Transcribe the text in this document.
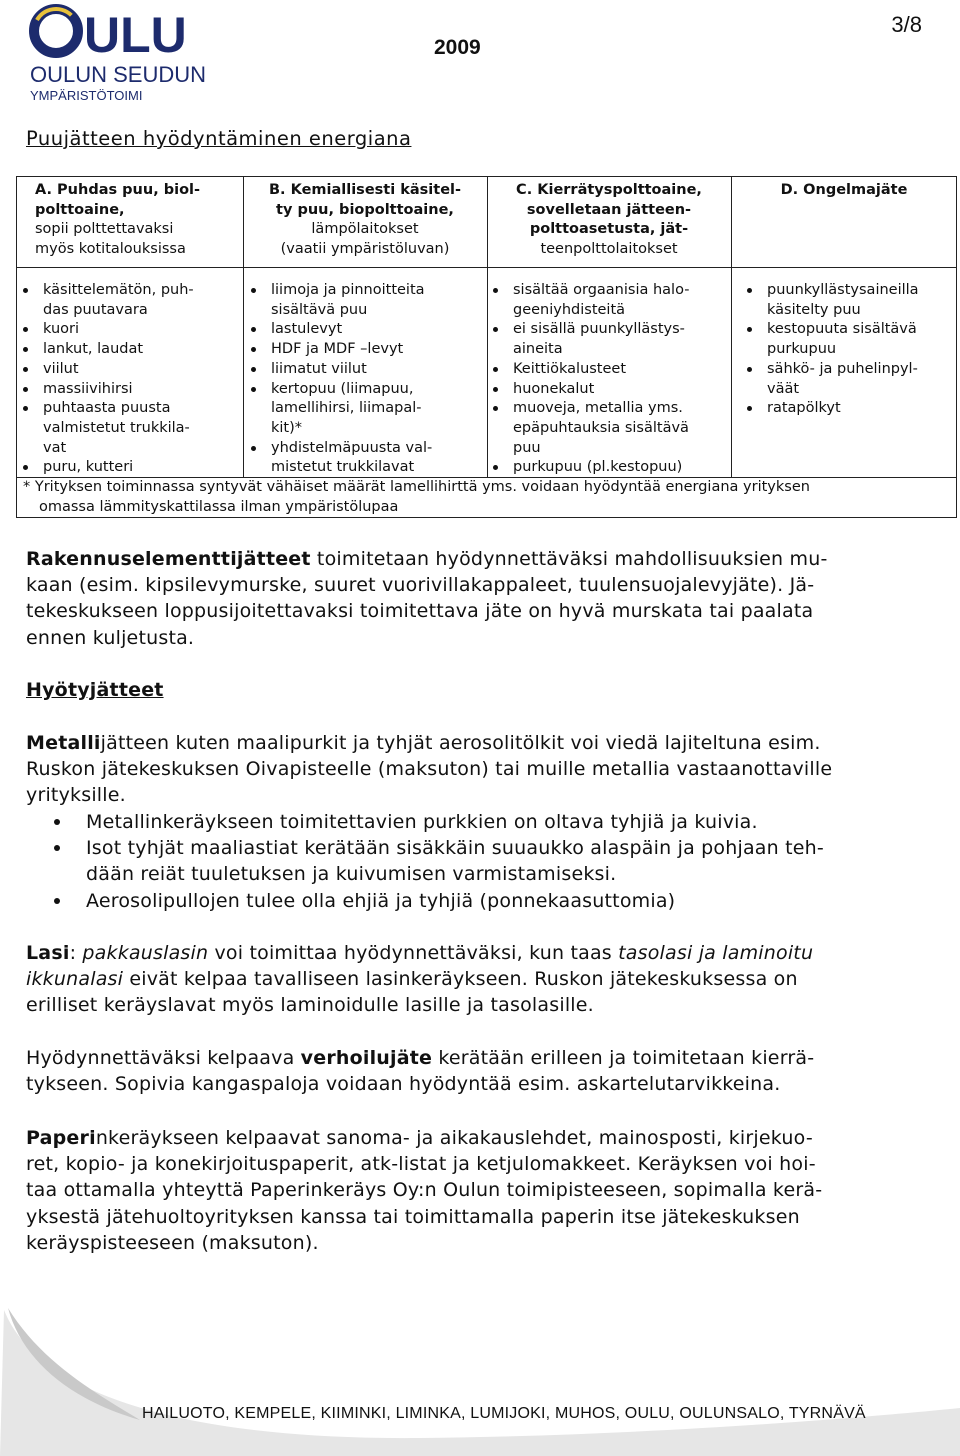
ULU
OULUN SEUDUN
YMPÄRISTÖTOIMI
2009
3/8
Puujätteen hyödyntäminen energiana
A. Puhdas puu, biol-
polttoaine,
sopii polttettavaksi
myös kotitalouksissa
B. Kemiallisesti käsitel-
ty puu, biopolttoaine,
lämpölaitokset
(vaatii ympäristöluvan)
C. Kierrätyspolttoaine,
sovelletaan jätteen-
polttoasetusta, jät-
teenpolttolaitokset
D. Ongelmajäte
käsittelemätön, puh-
das puutavara
kuori
lankut, laudat
viilut
massiivihirsi
puhtaasta puusta
valmistetut trukkila-
vat
puru, kutteri
liimoja ja pinnoitteita
sisältävä puu
lastulevyt
HDF ja MDF –levyt
liimatut viilut
kertopuu (liimapuu,
lamellihirsi, liimapal-
kit)*
yhdistelmäpuusta val-
mistetut trukkilavat
sisältää orgaanisia halo-
geeniyhdisteitä
ei sisällä puunkyllästys-
aineita
Keittiökalusteet
huonekalut
muoveja, metallia yms.
epäpuhtauksia sisältävä
puu
purkupuu (pl.kestopuu)
puunkyllästysaineilla
käsitelty puu
kestopuuta sisältävä
purkupuu
sähkö- ja puhelinpyl-
väät
ratapölkyt
* Yrityksen toiminnassa syntyvät vähäiset määrät lamellihirttä yms. voidaan hyödyntää energiana yrityksen
omassa lämmityskattilassa ilman ympäristölupaa
Rakennuselementtijätteet toimitetaan hyödynnettäväksi mahdollisuuksien mu-
kaan (esim. kipsilevymurske, suuret vuorivillakappaleet, tuulensuojalevyjäte). Jä-
tekeskukseen loppusijoitettavaksi toimitettava jäte on hyvä murskata tai paalata
ennen kuljetusta.
Hyötyjätteet
Metallijätteen kuten maalipurkit ja tyhjät aerosolitölkit voi viedä lajiteltuna esim.
Ruskon jätekeskuksen Oivapisteelle (maksuton) tai muille metallia vastaanottaville
yrityksille.
Metallinkeräykseen toimitettavien purkkien on oltava tyhjiä ja kuivia.
Isot tyhjät maaliastiat kerätään sisäkkäin suuaukko alaspäin ja pohjaan teh-
dään reiät tuuletuksen ja kuivumisen varmistamiseksi.
Aerosolipullojen tulee olla ehjiä ja tyhjiä (ponnekaasuttomia)
Lasi: pakkauslasin voi toimittaa hyödynnettäväksi, kun taas tasolasi ja laminoitu
ikkunalasi eivät kelpaa tavalliseen lasinkeräykseen. Ruskon jätekeskuksessa on
erilliset keräyslavat myös laminoidulle lasille ja tasolasille.
Hyödynnettäväksi kelpaava verhoilujäte kerätään erilleen ja toimitetaan kierrä-
tykseen. Sopivia kangaspaloja voidaan hyödyntää esim. askartelutarvikkeina.
Paperinkeräykseen kelpaavat sanoma- ja aikakauslehdet, mainosposti, kirjekuo-
ret, kopio- ja konekirjoituspaperit, atk-listat ja ketjulomakkeet. Keräyksen voi hoi-
taa ottamalla yhteyttä Paperinkeräys Oy:n Oulun toimipisteeseen, sopimalla kerä-
yksestä jätehuoltoyrityksen kanssa tai toimittamalla paperin itse jätekeskuksen
keräyspisteeseen (maksuton).
HAILUOTO, KEMPELE, KIIMINKI, LIMINKA, LUMIJOKI, MUHOS, OULU, OULUNSALO, TYRNÄVÄ
